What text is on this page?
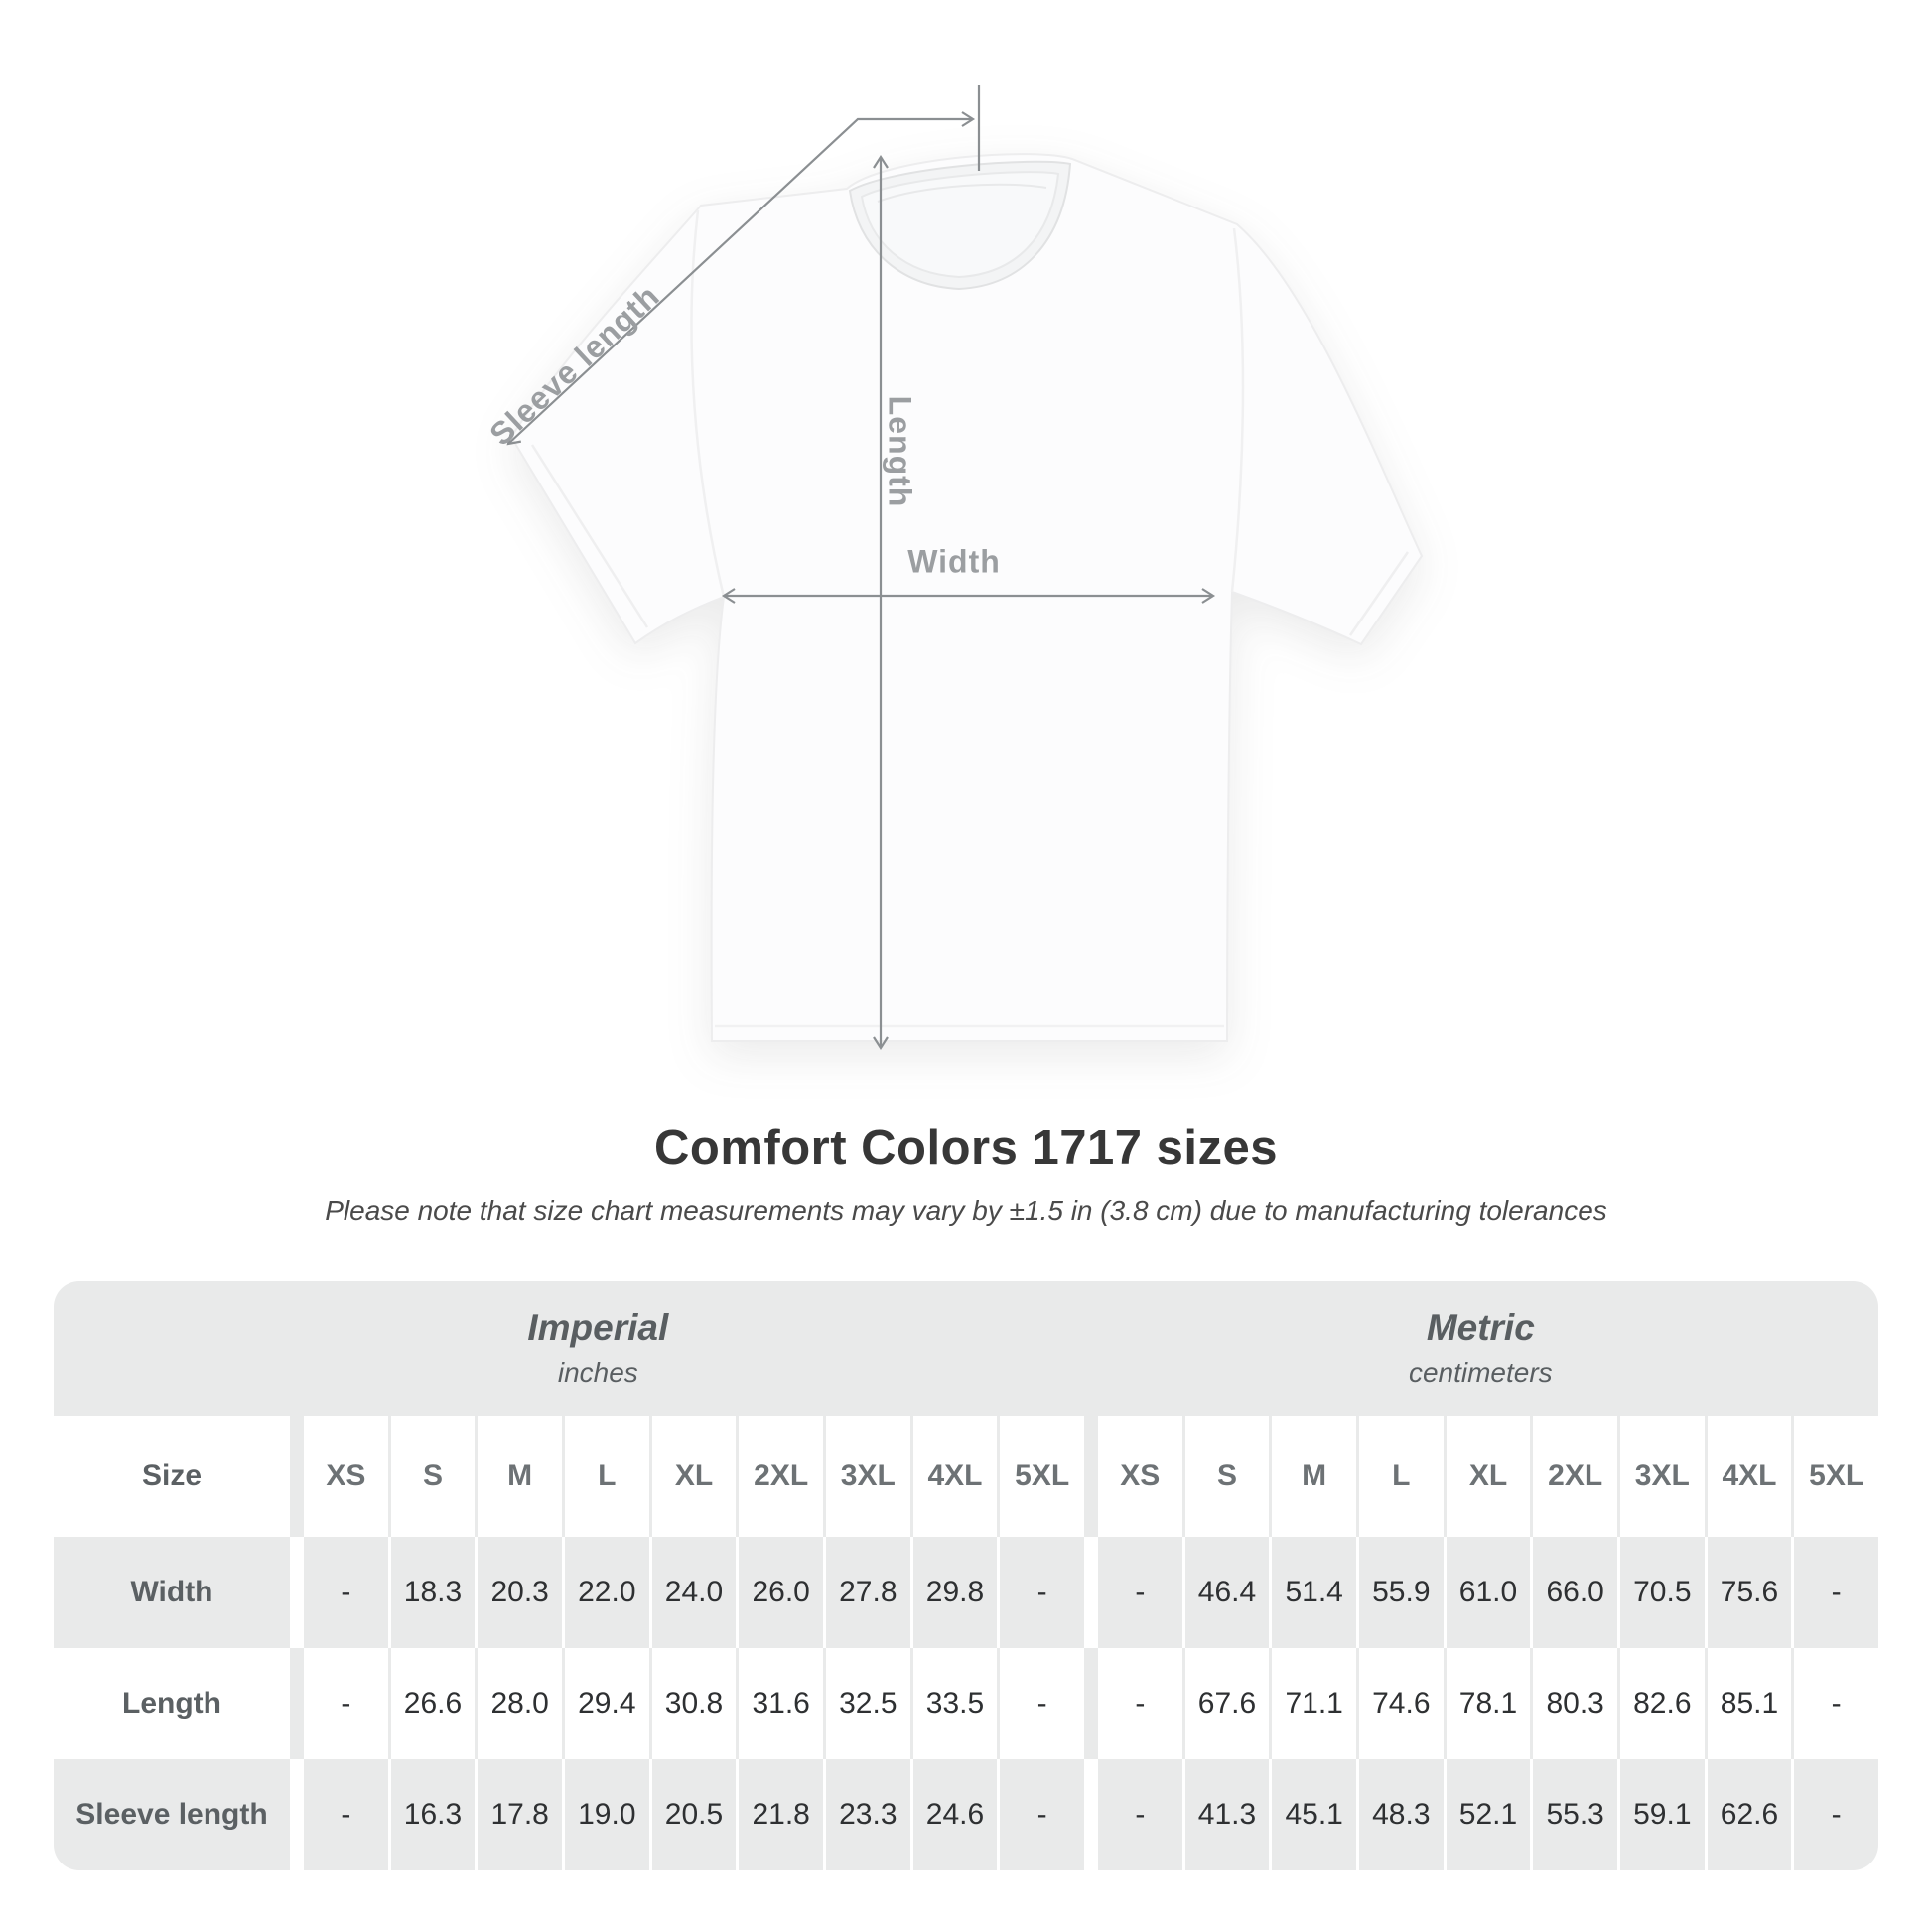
Sleeve length	Length
Width
Comfort Colors 1717 sizes
Please note that size chart measurements may vary by ±1.5 in (3.8 cm) due to manufacturing tolerances
Imperial
inches
Metric
centimeters
Size	XS	S	M	L	XL	2XL	3XL	4XL	5XL	XS	S	M	L	XL	2XL	3XL	4XL	5XL
Width	-	18.3 20.3 22.0 24.0 26.0 27.8 29.8	-	-	46.4 51.4 55.9 61.0 66.0 70.5 75.6	-
Length	-	26.6 28.0 29.4 30.8 31.6 32.5 33.5	-	-	67.6 71.1 74.6 78.1 80.3 82.6 85.1	-
Sleeve length	-	16.3 17.8 19.0 20.5 21.8 23.3 24.6	-	-	41.3 45.1 48.3 52.1 55.3 59.1 62.6	-
